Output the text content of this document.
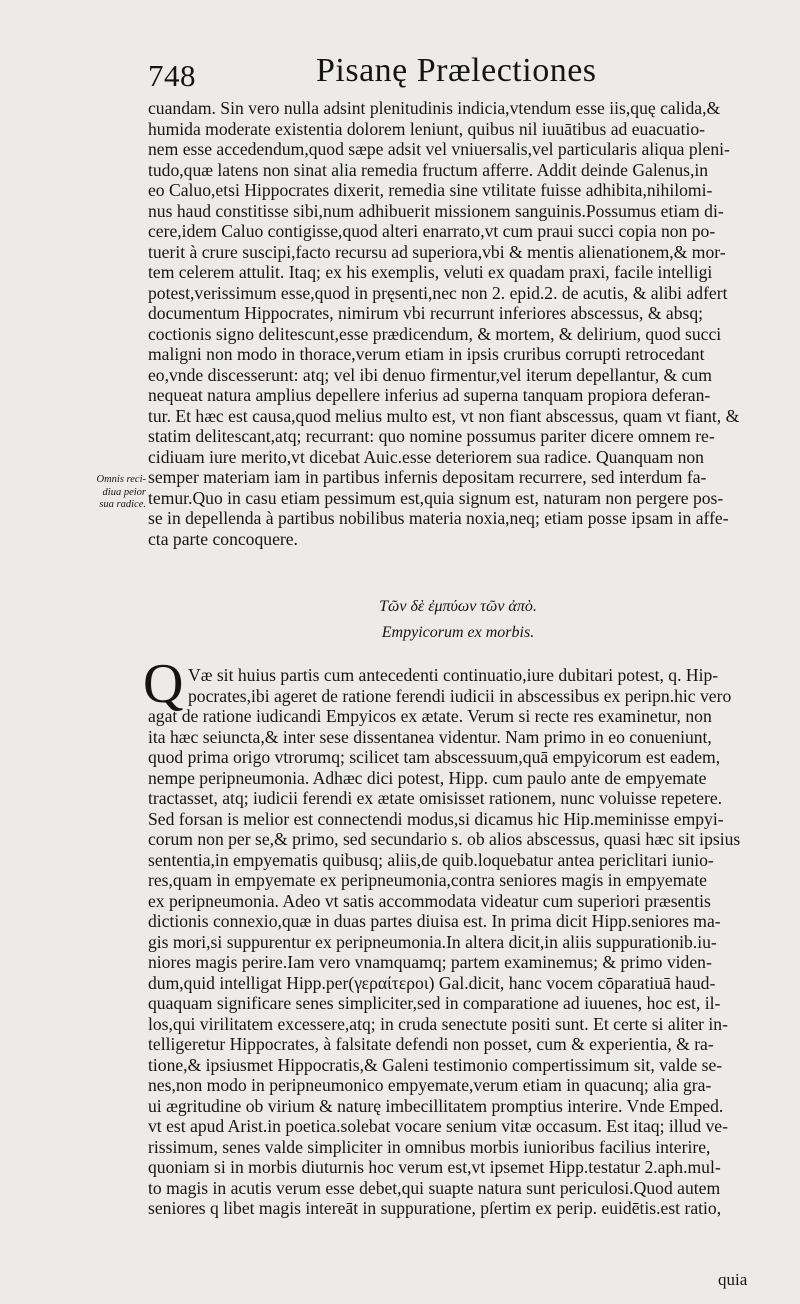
748	Pisanę Prælectiones
cuandam. Sin vero nulla adsint plenitudinis indicia,vtendum esse iis,quę calida,&
humida moderate existentia dolorem leniunt, quibus nil iuuātibus ad euacuatio-
nem esse accedendum,quod sæpe adsit vel vniuersalis,vel particularis aliqua pleni-
tudo,quæ latens non sinat alia remedia fructum afferre. Addit deinde Galenus,in
eo Caluo,etsi Hippocrates dixerit, remedia sine vtilitate fuisse adhibita,nihilomi-
nus haud constitisse sibi,num adhibuerit missionem sanguinis.Possumus etiam di-
cere,idem Caluo contigisse,quod alteri enarrato,vt cum praui succi copia non po-
tuerit à crure suscipi,facto recursu ad superiora,vbi & mentis alienationem,& mor-
tem celerem attulit. Itaq; ex his exemplis, veluti ex quadam praxi, facile intelligi
potest,verissimum esse,quod in pręsenti,nec non 2. epid.2. de acutis, & alibi adfert
documentum Hippocrates, nimirum vbi recurrunt inferiores abscessus, & absq;
coctionis signo delitescunt,esse prædicendum, & mortem, & delirium, quod succi
maligni non modo in thorace,verum etiam in ipsis cruribus corrupti retrocedant
eo,vnde discesserunt: atq; vel ibi denuo firmentur,vel iterum depellantur, & cum
nequeat natura amplius depellere inferius ad superna tanquam propiora deferan-
tur. Et hæc est causa,quod melius multo est, vt non fiant abscessus, quam vt fiant, &
statim delitescant,atq; recurrant: quo nomine possumus pariter dicere omnem re-
cidiuam iure merito,vt dicebat Auic.esse deteriorem sua radice. Quanquam non
semper materiam iam in partibus infernis depositam recurrere, sed interdum fa-
temur.Quo in casu etiam pessimum est,quia signum est, naturam non pergere pos-
se in depellenda à partibus nobilibus materia noxia,neq; etiam posse ipsam in affe-
cta parte concoquere.
Omnis reci-
diua peior
sua radice.
Τῶν δὲ ἐμπύων τῶν ἀπὸ.
Empyicorum ex morbis.
Q Væ sit huius partis cum antecedenti continuatio,iure dubitari potest, q. Hip-
pocrates,ibi ageret de ratione ferendi iudicii in abscessibus ex peripn.hic vero
agat de ratione iudicandi Empyicos ex ætate. Verum si recte res examinetur, non
ita hæc seiuncta,& inter sese dissentanea videntur. Nam primo in eo conueniunt,
quod prima origo vtrorumq; scilicet tam abscessuum,quā empyicorum est eadem,
nempe peripneumonia. Adhæc dici potest, Hipp. cum paulo ante de empyemate
tractasset, atq; iudicii ferendi ex ætate omisisset rationem, nunc voluisse repetere.
Sed forsan is melior est connectendi modus,si dicamus hic Hip.meminisse empyi-
corum non per se,& primo, sed secundario s. ob alios abscessus, quasi hæc sit ipsius
sententia,in empyematis quibusq; aliis,de quib.loquebatur antea periclitari iunio-
res,quam in empyemate ex peripneumonia,contra seniores magis in empyemate
ex peripneumonia. Adeo vt satis accommodata videatur cum superiori præsentis
dictionis connexio,quæ in duas partes diuisa est. In prima dicit Hipp.seniores ma-
gis mori,si suppurentur ex peripneumonia.In altera dicit,in aliis suppurationib.iu-
niores magis perire.Iam vero vnamquamq; partem examinemus; & primo viden-
dum,quid intelligat Hipp.per(γεραίτεροι) Gal.dicit, hanc vocem cōparatiuā haud-
quaquam significare senes simpliciter,sed in comparatione ad iuuenes, hoc est, il-
los,qui virilitatem excessere,atq; in cruda senectute positi sunt. Et certe si aliter in-
telligeretur Hippocrates, à falsitate defendi non posset, cum & experientia, & ra-
tione,& ipsiusmet Hippocratis,& Galeni testimonio compertissimum sit, valde se-
nes,non modo in peripneumonico empyemate,verum etiam in quacunq; alia gra-
ui ægritudine ob virium & naturę imbecillitatem promptius interire. Vnde Emped.
vt est apud Arist.in poetica.solebat vocare senium vitæ occasum. Est itaq; illud ve-
rissimum, senes valde simpliciter in omnibus morbis iunioribus facilius interire,
quoniam si in morbis diuturnis hoc verum est,vt ipsemet Hipp.testatur 2.aph.mul-
to magis in acutis verum esse debet,qui suapte natura sunt periculosi.Quod autem
seniores q libet magis intereāt in suppuratione, pſertim ex perip. euidētis.est ratio,
quia
